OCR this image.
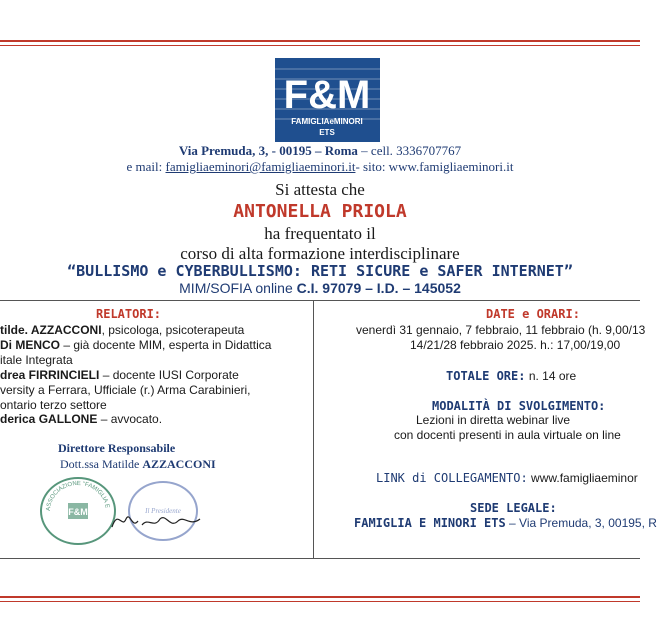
F&M
FAMIGLIAeMINORI
ETS
Via Premuda, 3, - 00195 – Roma – cell. 3336707767
e mail: famigliaeminori@famigliaeminori.it- sito: www.famigliaeminori.it
Si attesta che
ANTONELLA PRIOLA
ha frequentato il
corso di alta formazione interdisciplinare
“BULLISMO e CYBERBULLISMO: RETI SICURE e SAFER INTERNET”
MIM/SOFIA online C.I. 97079 – I.D. – 145052
RELATORI:
tilde. AZZACCONI, psicologa, psicoterapeuta
Di MENCO – già docente MIM, esperta in Didattica
itale Integrata
drea FIRRINCIELI – docente IUSI Corporate
versity a Ferrara, Ufficiale (r.) Arma Carabinieri,
ontario terzo settore
derica GALLONE – avvocato.
Direttore Responsabile
Dott.ssa Matilde AZZACCONI
ASSOCIAZIONE “FAMIGLIA E
F&M	Il Presidente
Matilde Azzacconi
DATE e ORARI:
venerdì 31 gennaio, 7 febbraio, 11 febbraio (h. 9,00/13
14/21/28 febbraio 2025. h.: 17,00/19,00
TOTALE ORE: n. 14 ore
MODALITÀ DI SVOLGIMENTO:
Lezioni in diretta webinar live
con docenti presenti in aula virtuale on line
LINK di COLLEGAMENTO: www.famigliaeminor
SEDE LEGALE:
FAMIGLIA E MINORI ETS – Via Premuda, 3, 00195, R
